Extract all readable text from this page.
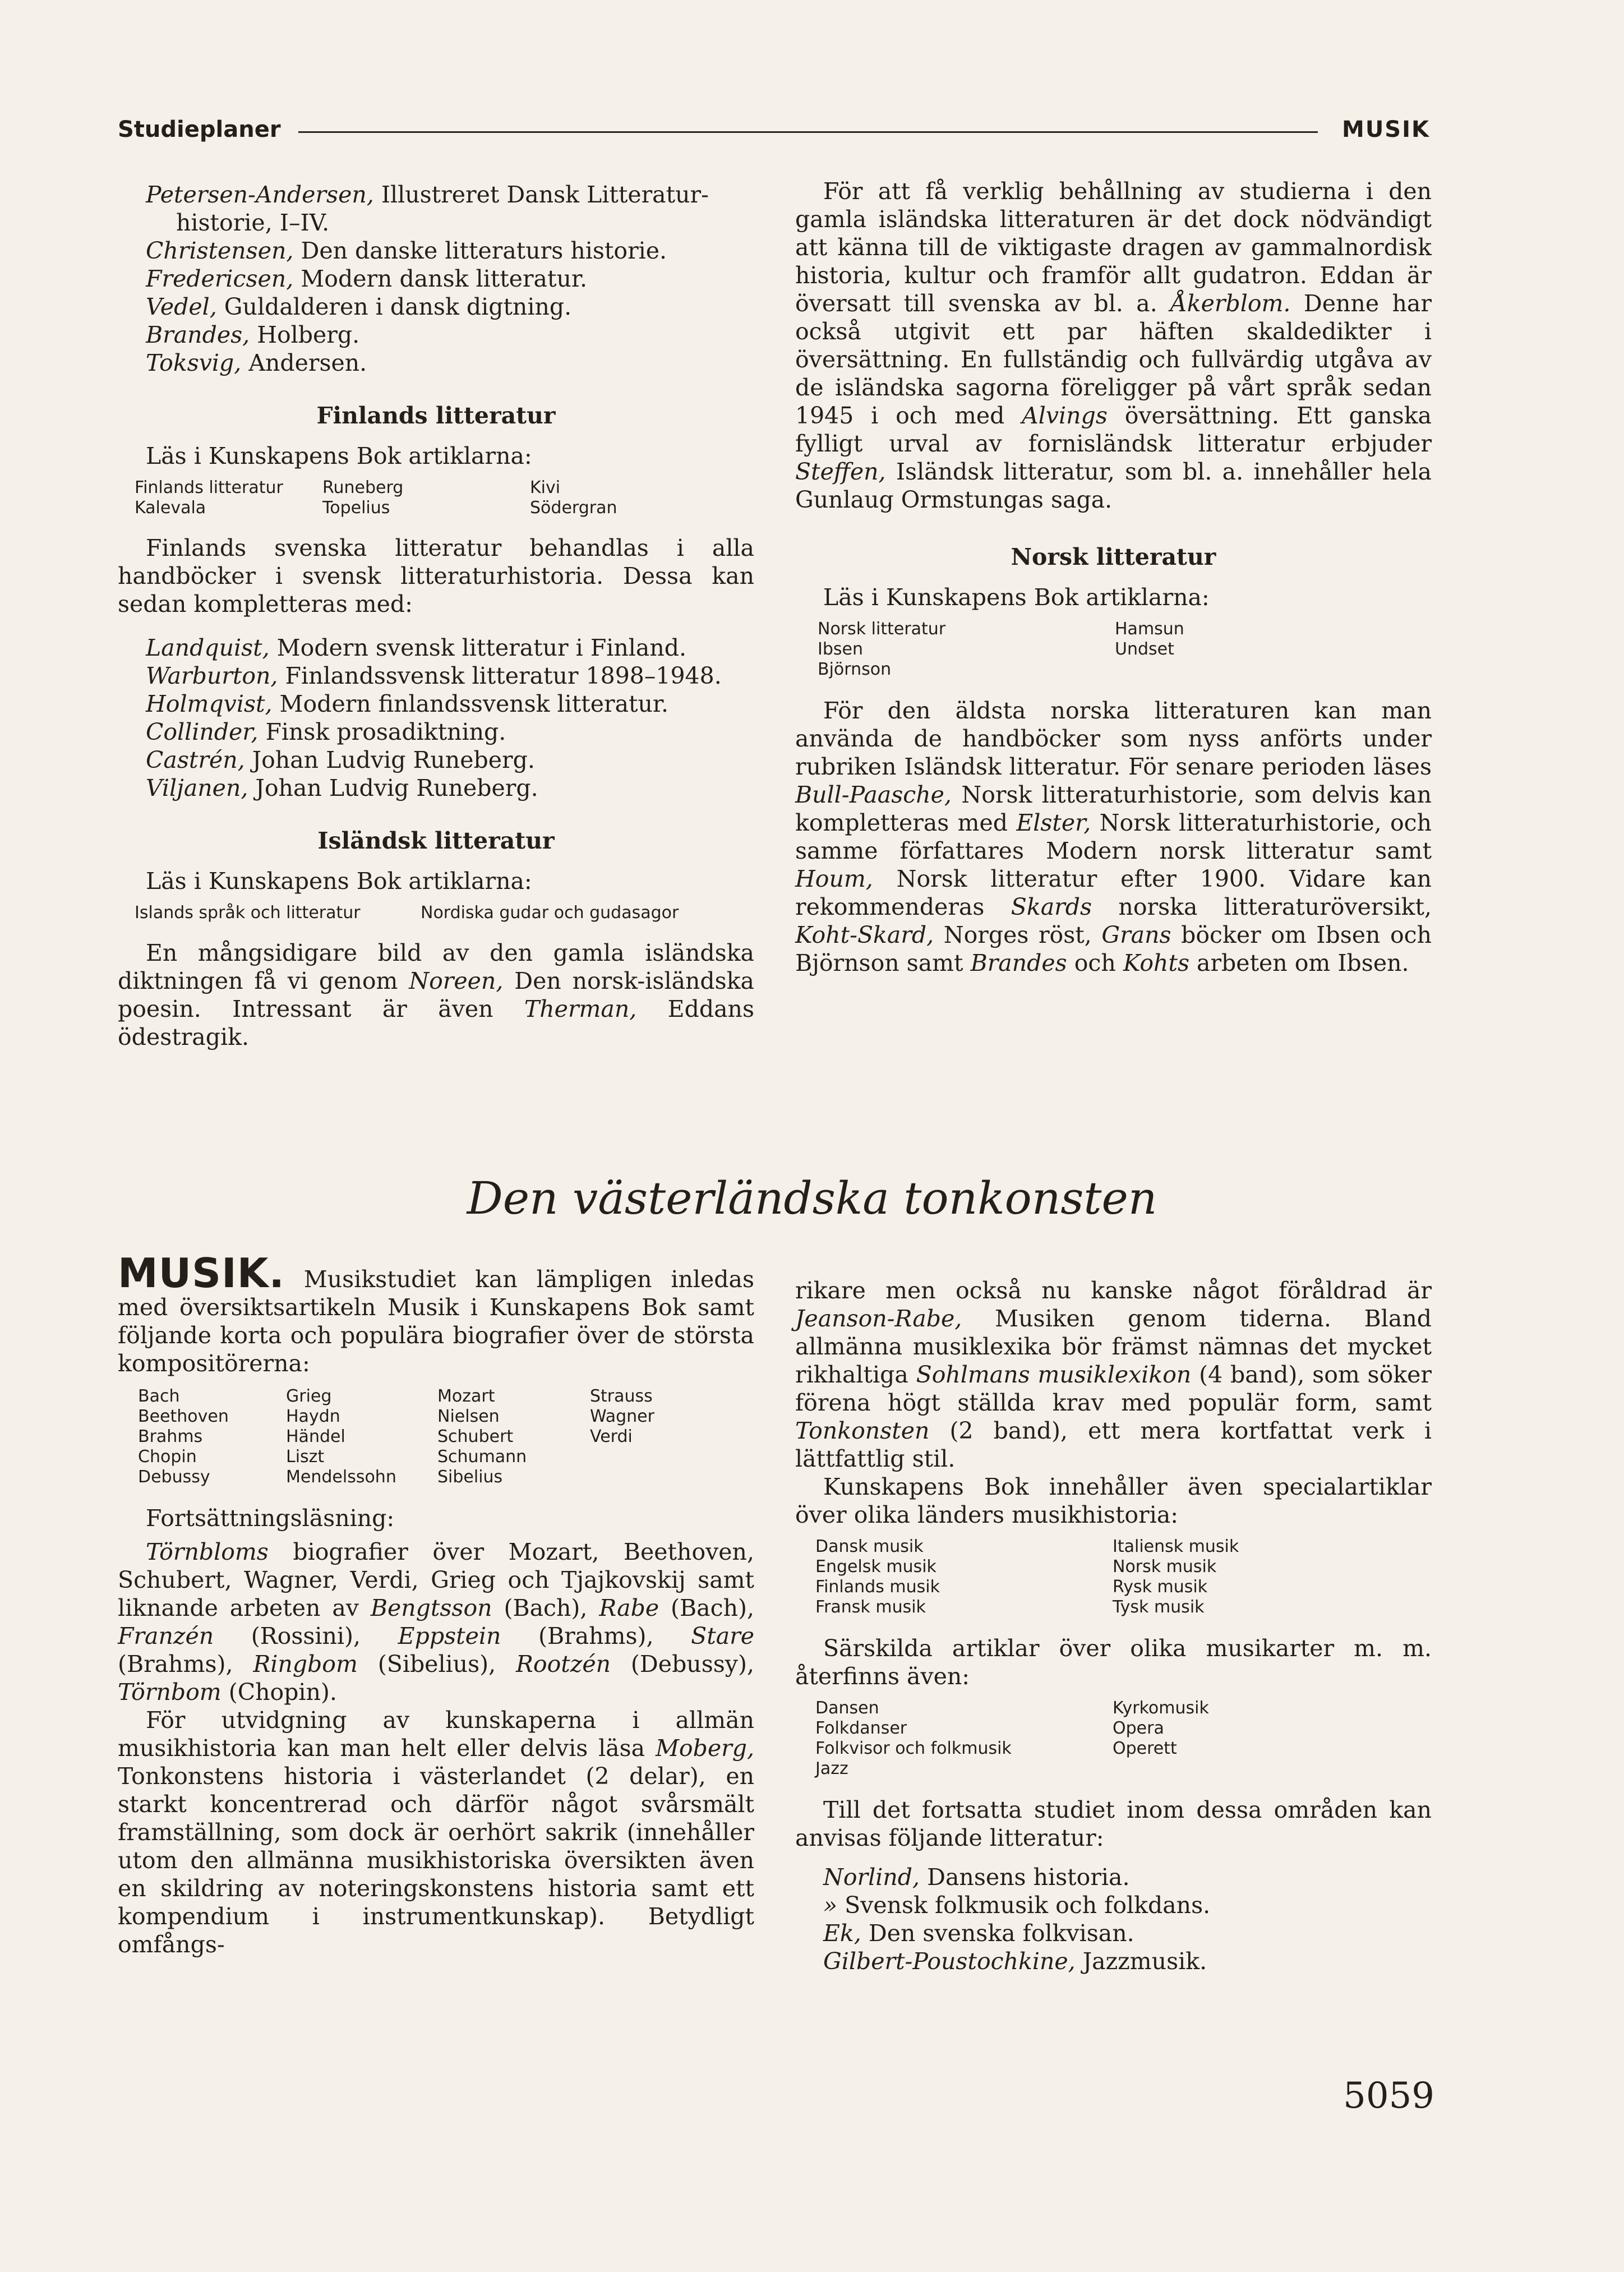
Studieplaner	MUSIK

Petersen-Andersen, Illustreret Dansk Litteratur-historie, I–IV.

Christensen, Den danske litteraturs historie.

Fredericsen, Modern dansk litteratur.

Vedel, Guldalderen i dansk digtning.

Brandes, Holberg.

Toksvig, Andersen.

Finlands litteratur

Läs i Kunskapens Bok artiklarna:

Finlands litteratur	Runeberg	Kivi
Kalevala	Topelius	Södergran

Finlands svenska litteratur behandlas i alla handböcker i svensk litteraturhistoria. Dessa kan sedan kompletteras med:

Landquist, Modern svensk litteratur i Finland.

Warburton, Finlandssvensk litteratur 1898–1948.

Holmqvist, Modern finlandssvensk litteratur.

Collinder, Finsk prosadiktning.

Castrén, Johan Ludvig Runeberg.

Viljanen, Johan Ludvig Runeberg.

Isländsk litteratur

Läs i Kunskapens Bok artiklarna:

Islands språk och litteratur	Nordiska gudar och gudasagor

En mångsidigare bild av den gamla isländska diktningen få vi genom Noreen, Den norsk-isländska poesin. Intressant är även Therman, Eddans ödestragik.

För att få verklig behållning av studierna i den gamla isländska litteraturen är det dock nödvändigt att känna till de viktigaste dragen av gammalnordisk historia, kultur och framför allt gudatron. Eddan är översatt till svenska av bl. a. Åkerblom. Denne har också utgivit ett par häften skaldedikter i översättning. En fullständig och fullvärdig utgåva av de isländska sagorna föreligger på vårt språk sedan 1945 i och med Alvings översättning. Ett ganska fylligt urval av fornisländsk litteratur erbjuder Steffen, Isländsk litteratur, som bl. a. innehåller hela Gunlaug Ormstungas saga.

Norsk litteratur

Läs i Kunskapens Bok artiklarna:

Norsk litteratur	Hamsun
Ibsen	Undset
Björnson

För den äldsta norska litteraturen kan man använda de handböcker som nyss anförts under rubriken Isländsk litteratur. För senare perioden läses Bull-Paasche, Norsk litteraturhistorie, som delvis kan kompletteras med Elster, Norsk litteraturhistorie, och samme författares Modern norsk litteratur samt Houm, Norsk litteratur efter 1900. Vidare kan rekommenderas Skards norska litteraturöversikt, Koht-Skard, Norges röst, Grans böcker om Ibsen och Björnson samt Brandes och Kohts arbeten om Ibsen.

Den västerländska tonkonsten

MUSIK. Musikstudiet kan lämpligen inledas med översiktsartikeln Musik i Kunskapens Bok samt följande korta och populära biografier över de största kompositörerna:

Bach	Grieg	Mozart	Strauss
Beethoven	Haydn	Nielsen	Wagner
Brahms	Händel	Schubert	Verdi
Chopin	Liszt	Schumann
Debussy	Mendelssohn	Sibelius

Fortsättningsläsning:

Törnbloms biografier över Mozart, Beethoven, Schubert, Wagner, Verdi, Grieg och Tjajkovskij samt liknande arbeten av Bengtsson (Bach), Rabe (Bach), Franzén (Rossini), Eppstein (Brahms), Stare (Brahms), Ringbom (Sibelius), Rootzén (Debussy), Törnbom (Chopin).

För utvidgning av kunskaperna i allmän musikhistoria kan man helt eller delvis läsa Moberg, Tonkonstens historia i västerlandet (2 delar), en starkt koncentrerad och därför något svårsmält framställning, som dock är oerhört sakrik (innehåller utom den allmänna musikhistoriska översikten även en skildring av noteringskonstens historia samt ett kompendium i instrumentkunskap). Betydligt omfångs-

rikare men också nu kanske något föråldrad är Jeanson-Rabe, Musiken genom tiderna. Bland allmänna musiklexika bör främst nämnas det mycket rikhaltiga Sohlmans musiklexikon (4 band), som söker förena högt ställda krav med populär form, samt Tonkonsten (2 band), ett mera kortfattat verk i lättfattlig stil.

Kunskapens Bok innehåller även specialartiklar över olika länders musikhistoria:

Dansk musik	Italiensk musik
Engelsk musik	Norsk musik
Finlands musik	Rysk musik
Fransk musik	Tysk musik

Särskilda artiklar över olika musikarter m. m. återfinns även:

Dansen	Kyrkomusik
Folkdanser	Opera
Folkvisor och folkmusik	Operett
Jazz

Till det fortsatta studiet inom dessa områden kan anvisas följande litteratur:

Norlind, Dansens historia.

» Svensk folkmusik och folkdans.

Ek, Den svenska folkvisan.

Gilbert-Poustochkine, Jazzmusik.

5059
